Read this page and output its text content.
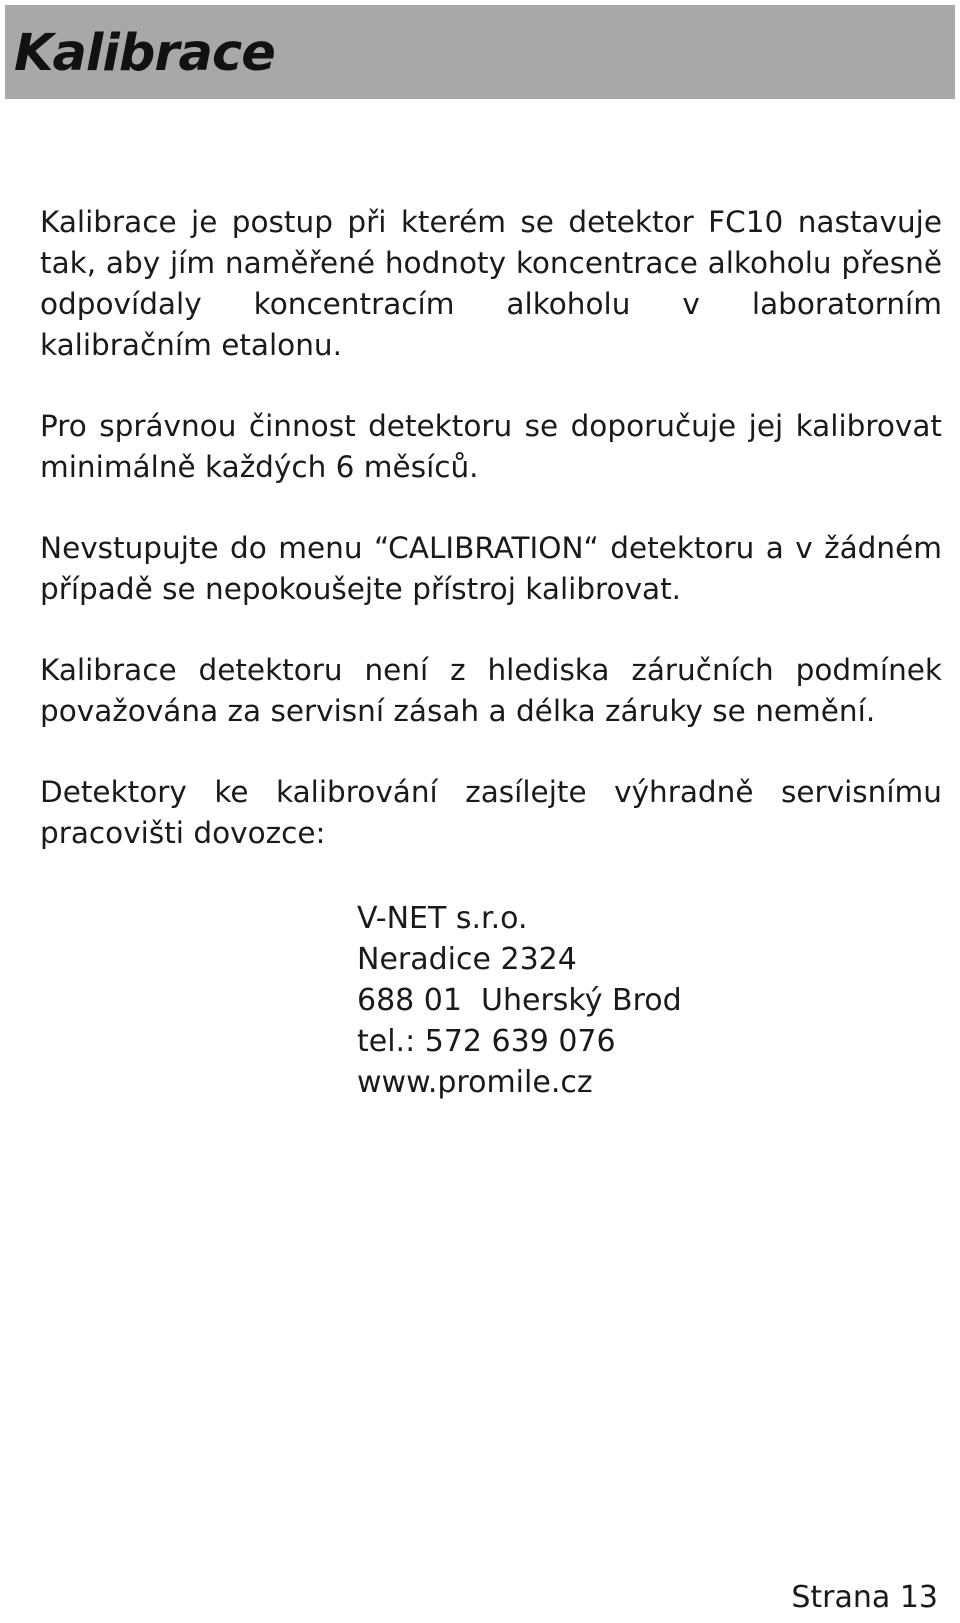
Kalibrace

Kalibrace je postup při kterém se detektor FC10 nastavuje tak, aby jím naměřené hodnoty koncentrace alkoholu přesně odpovídaly koncentracím alkoholu v laboratorním kalibračním etalonu.

Pro správnou činnost detektoru se doporučuje jej kalibrovat minimálně každých 6 měsíců.

Nevstupujte do menu “CALIBRATION“ detektoru a v žádném případě se nepokoušejte přístroj kalibrovat.

Kalibrace detektoru není z hlediska záručních podmínek považována za servisní zásah a délka záruky se nemění.

Detektory ke kalibrování zasílejte výhradně servisnímu pracovišti dovozce:

V-NET s.r.o.
Neradice 2324
688 01  Uherský Brod
tel.: 572 639 076
www.promile.cz
Strana 13
